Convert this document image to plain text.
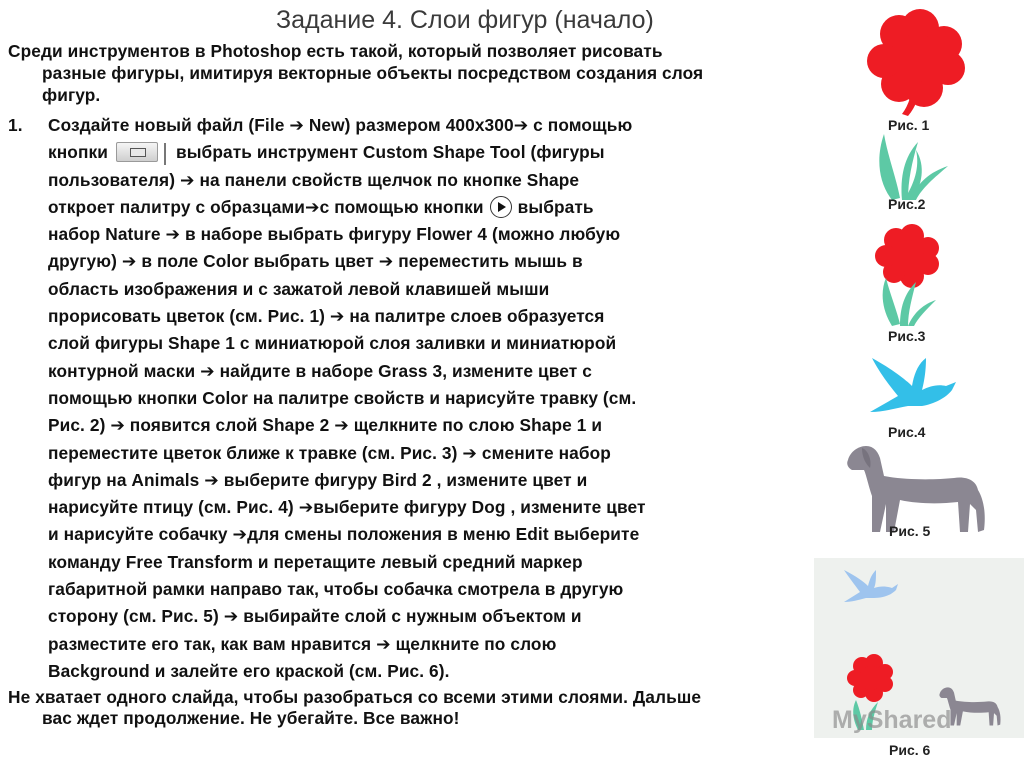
Задание 4. Слои фигур (начало)
Среди инструментов в Photoshop есть такой, который позволяет рисовать
разные фигуры, имитируя векторные объекты посредством создания слоя
фигур.
1. Создайте новый файл (File ➔ New) размером 400x300➔ с помощью
кнопки	выбрать инструмент Custom Shape Tool (фигуры
пользователя) ➔ на панели свойств щелчок по кнопке Shape
откроет палитру с образцами➔с помощью кнопки выбрать
набор Nature ➔ в наборе выбрать фигуру Flower 4 (можно любую
другую) ➔ в поле Color выбрать цвет ➔ переместить мышь в
область изображения и с зажатой левой клавишей мыши
прорисовать цветок (см. Рис. 1) ➔ на палитре слоев образуется
слой фигуры Shape 1 с миниатюрой слоя заливки и миниатюрой
контурной маски ➔ найдите в наборе Grass 3, измените цвет с
помощью кнопки Color на палитре свойств и нарисуйте травку (см.
Рис. 2) ➔ появится слой Shape 2 ➔ щелкните по слою Shape 1 и
переместите цветок ближе к травке (см. Рис. 3) ➔ смените набор
фигур на Animals ➔ выберите фигуру Bird 2 , измените цвет и
нарисуйте птицу (см. Рис. 4) ➔выберите фигуру Dog , измените цвет
и нарисуйте собачку ➔для смены положения в меню Edit выберите
команду Free Transform и перетащите левый средний маркер
габаритной рамки направо так, чтобы собачка смотрела в другую
сторону (см. Рис. 5) ➔ выбирайте слой с нужным объектом и
разместите его так, как вам нравится ➔ щелкните по слою
Background и залейте его краской (см. Рис. 6).
Не хватает одного слайда, чтобы разобраться со всеми этими слоями. Дальше
вас ждет продолжение. Не убегайте. Все важно!
Рис. 1
Рис.2
Рис.3
Рис.4
Рис. 5
MyShared
Рис. 6
